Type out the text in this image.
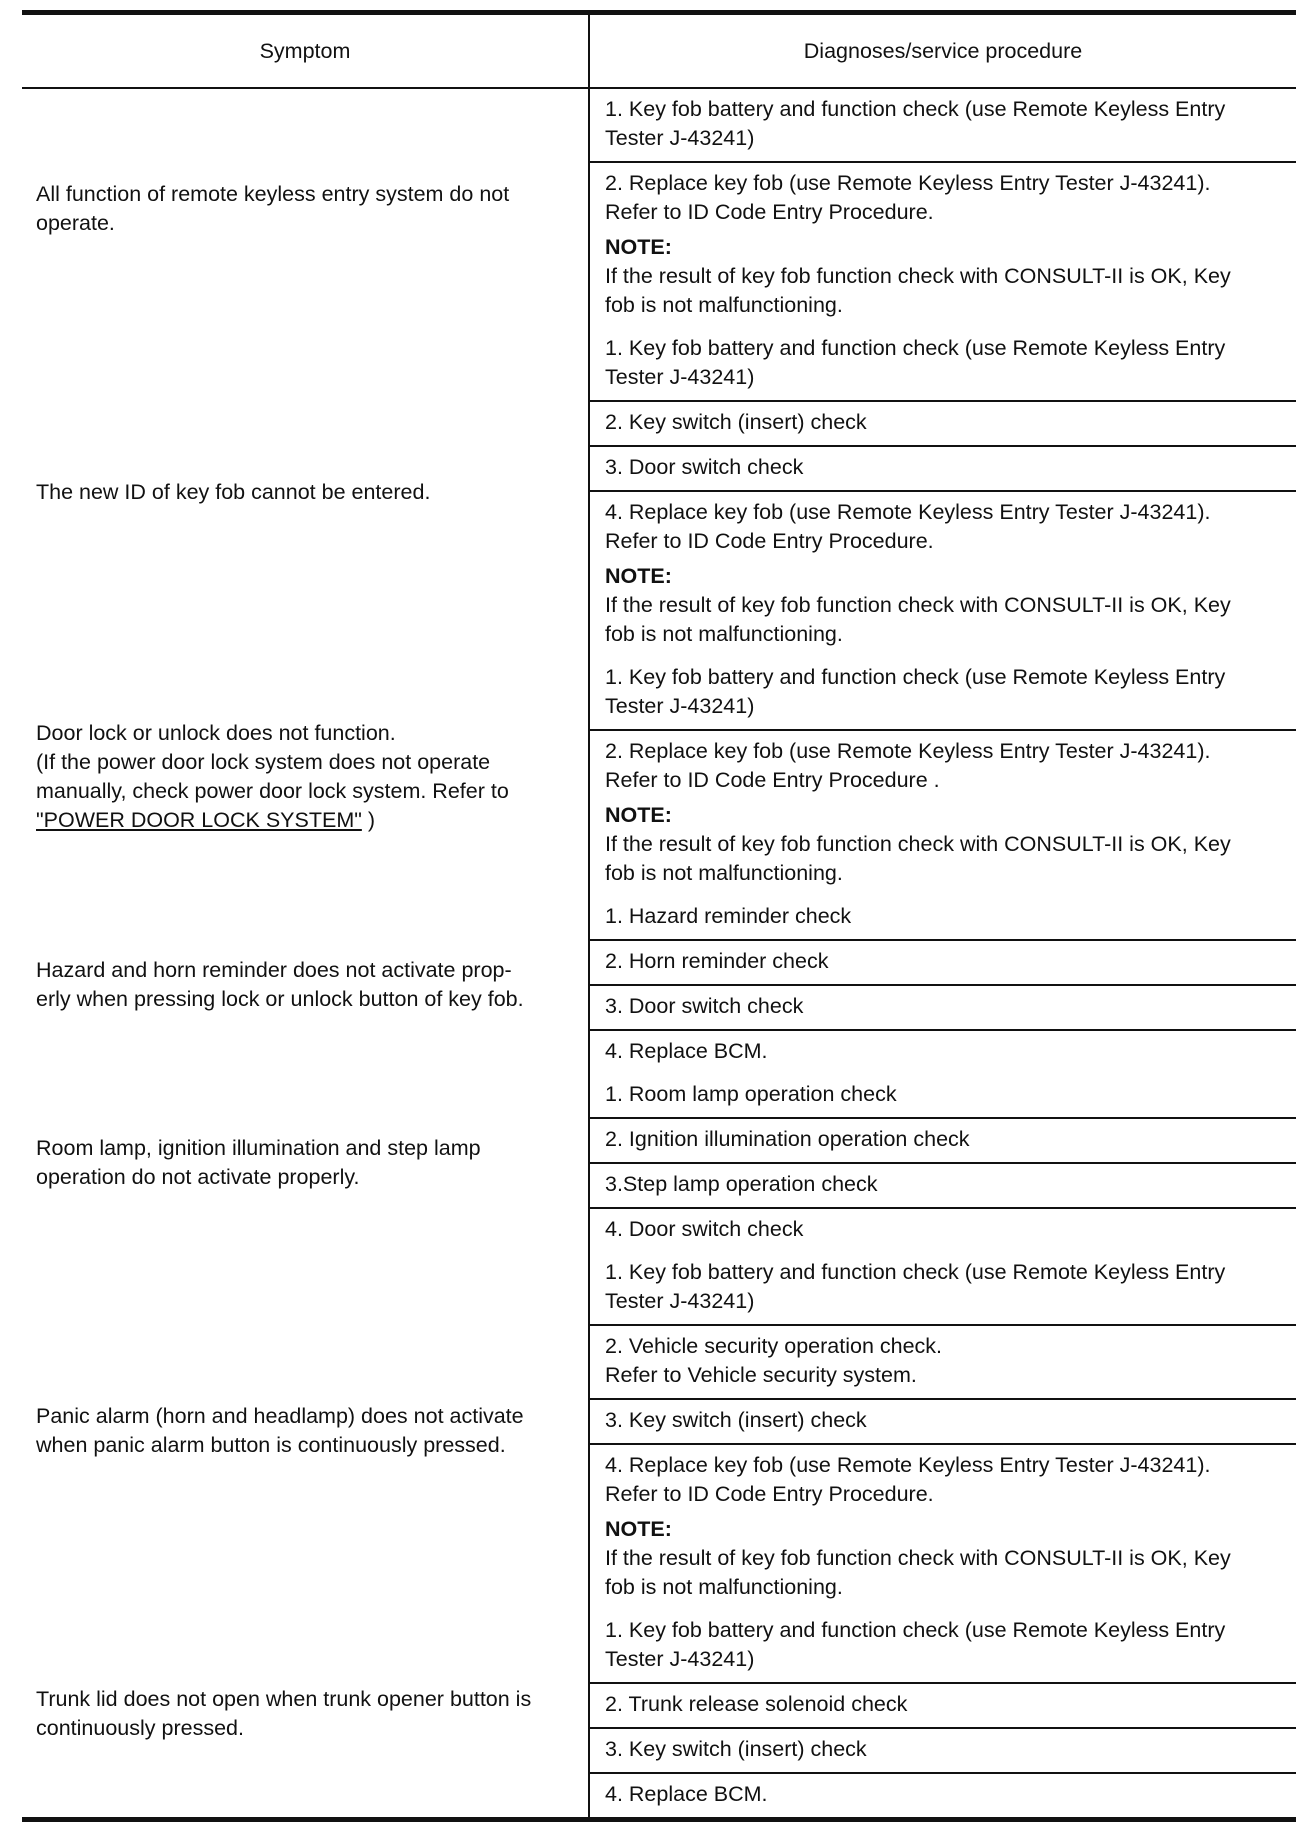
Symptom	Diagnoses/service procedure

All function of remote keyless entry system do not
operate.	1. Key fob battery and function check (use Remote Keyless Entry
Tester J-43241)

	2. Replace key fob (use Remote Keyless Entry Tester J-43241).
Refer to ID Code Entry Procedure.
NOTE:
If the result of key fob function check with CONSULT-II is OK, Key
fob is not malfunctioning.

The new ID of key fob cannot be entered.	1. Key fob battery and function check (use Remote Keyless Entry
Tester J-43241)

	2. Key switch (insert) check

	3. Door switch check

	4. Replace key fob (use Remote Keyless Entry Tester J-43241).
Refer to ID Code Entry Procedure.
NOTE:
If the result of key fob function check with CONSULT-II is OK, Key
fob is not malfunctioning.

Door lock or unlock does not function.
(If the power door lock system does not operate
manually, check power door lock system. Refer to
"POWER DOOR LOCK SYSTEM" )	1. Key fob battery and function check (use Remote Keyless Entry
Tester J-43241)

	2. Replace key fob (use Remote Keyless Entry Tester J-43241).
Refer to ID Code Entry Procedure .
NOTE:
If the result of key fob function check with CONSULT-II is OK, Key
fob is not malfunctioning.

Hazard and horn reminder does not activate prop-
erly when pressing lock or unlock button of key fob.	1. Hazard reminder check

	2. Horn reminder check

	3. Door switch check

	4. Replace BCM.

Room lamp, ignition illumination and step lamp
operation do not activate properly.	1. Room lamp operation check

	2. Ignition illumination operation check

	3.Step lamp operation check

	4. Door switch check

Panic alarm (horn and headlamp) does not activate
when panic alarm button is continuously pressed.	1. Key fob battery and function check (use Remote Keyless Entry
Tester J-43241)

	2. Vehicle security operation check.
Refer to Vehicle security system.

	3. Key switch (insert) check

	4. Replace key fob (use Remote Keyless Entry Tester J-43241).
Refer to ID Code Entry Procedure.
NOTE:
If the result of key fob function check with CONSULT-II is OK, Key
fob is not malfunctioning.

Trunk lid does not open when trunk opener button is
continuously pressed.	1. Key fob battery and function check (use Remote Keyless Entry
Tester J-43241)

	2. Trunk release solenoid check

	3. Key switch (insert) check

	4. Replace BCM.
